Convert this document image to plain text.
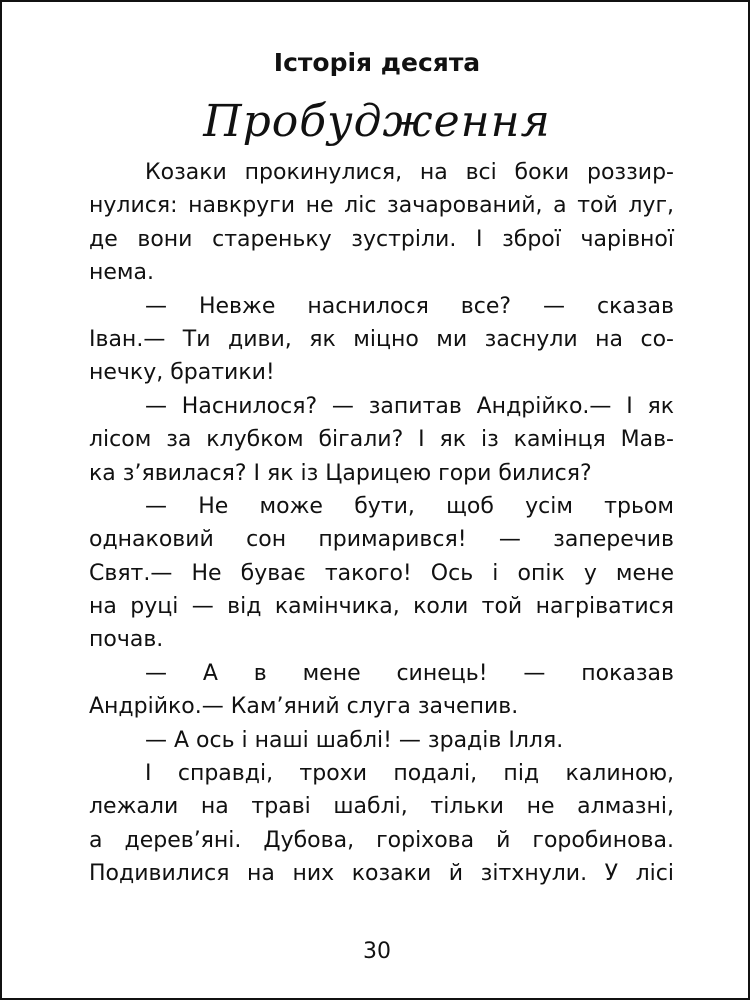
Історія десята
Пробудження
Козаки прокинулися, на всі боки роззир-
нулися: навкруги не ліс зачарований, а той луг,
де вони стареньку зустріли. І зброї чарівної
нема.
— Невже наснилося все? — сказав
Іван.— Ти диви, як міцно ми заснули на со-
нечку, братики!
— Наснилося? — запитав Андрійко.— І як
лісом за клубком бігали? І як із камінця Мав-
ка з’явилася? І як із Царицею гори билися?
— Не може бути, щоб усім трьом
однаковий сон примарився! — заперечив
Свят.— Не буває такого! Ось і опік у мене
на руці — від камінчика, коли той нагріватися
почав.
— А в мене синець! — показав
Андрійко.— Кам’яний слуга зачепив.
— А ось і наші шаблі! — зрадів Ілля.
І справді, трохи подалі, під калиною,
лежали на траві шаблі, тільки не алмазні,
а дерев’яні. Дубова, горіхова й горобинова.
Подивилися на них козаки й зітхнули. У лісі
30
